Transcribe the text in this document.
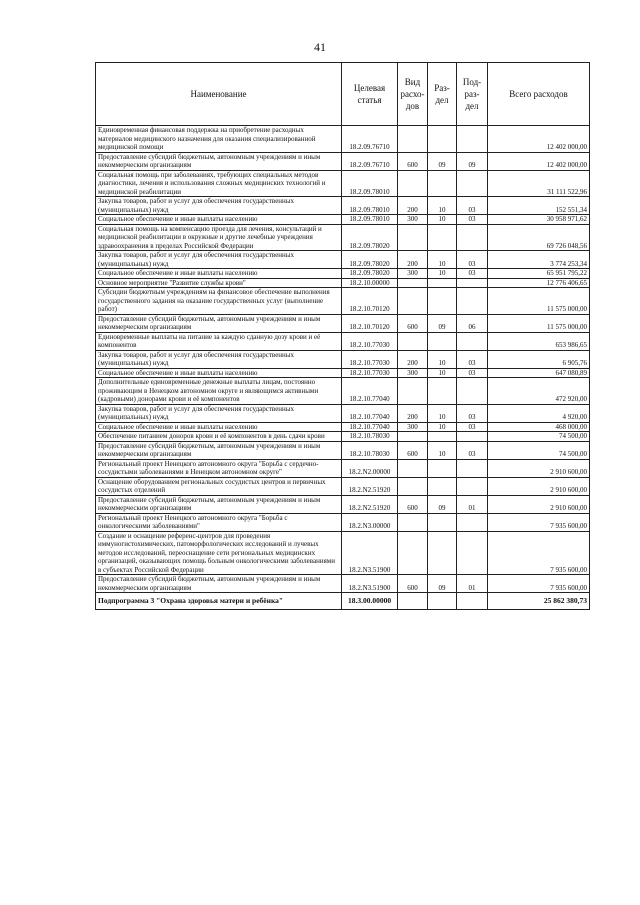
41
Наименование	Целевая статья	Вид расхо-дов	Раз-дел	Под-раз-дел	Всего расходов
Единовременная финансовая поддержка на приобретение расходных материалов медицинского назначения для оказания специализированной медицинской помощи	18.2.09.76710				12 402 000,00
Предоставление субсидий бюджетным, автономным учреждениям и иным некоммерческим организациям	18.2.09.76710	600	09	09	12 402 000,00
Социальная помощь при заболеваниях, требующих специальных методов диагностики, лечения и использования сложных медицинских технологий и медицинской реабилитации	18.2.09.78010				31 111 522,96
Закупка товаров, работ и услуг для обеспечения государственных (муниципальных) нужд	18.2.09.78010	200	10	03	152 551,34
Социальное обеспечение и иные выплаты населению	18.2.09.78010	300	10	03	30 958 971,62
Социальная помощь на компенсацию проезда для лечения, консультаций и медицинской реабилитации в окружные и другие лечебные учреждения здравоохранения в пределах Российской Федерации	18.2.09.78020				69 726 048,56
Закупка товаров, работ и услуг для обеспечения государственных (муниципальных) нужд	18.2.09.78020	200	10	03	3 774 253,34
Социальное обеспечение и иные выплаты населению	18.2.09.78020	300	10	03	65 951 795,22
Основное мероприятие "Развитие службы крови"	18.2.10.00000				12 776 406,65
Субсидии бюджетным учреждениям на финансовое обеспечение выполнения государственного задания на оказание государственных услуг (выполнение работ)	18.2.10.70120				11 575 000,00
Предоставление субсидий бюджетным, автономным учреждениям и иным некоммерческим организациям	18.2.10.70120	600	09	06	11 575 000,00
Единовременные выплаты на питание за каждую сданную дозу крови и её компонентов	18.2.10.77030				653 986,65
Закупка товаров, работ и услуг для обеспечения государственных (муниципальных) нужд	18.2.10.77030	200	10	03	6 905,76
Социальное обеспечение и иные выплаты населению	18.2.10.77030	300	10	03	647 080,89
Дополнительные единовременные денежные выплаты лицам, постоянно проживающим в Ненецком автономном округе и являющимся активными (кадровыми) донорами крови и её компонентов	18.2.10.77040				472 920,00
Закупка товаров, работ и услуг для обеспечения государственных (муниципальных) нужд	18.2.10.77040	200	10	03	4 920,00
Социальное обеспечение и иные выплаты населению	18.2.10.77040	300	10	03	468 000,00
Обеспечение питанием доноров крови и её компонентов в день сдачи крови	18.2.10.78030				74 500,00
Предоставление субсидий бюджетным, автономным учреждениям и иным некоммерческим организациям	18.2.10.78030	600	10	03	74 500,00
Региональный проект Ненецкого автономного округа "Борьба с сердечно-сосудистыми заболеваниями в Ненецком автономном округе"	18.2.N2.00000				2 910 600,00
Оснащение оборудованием региональных сосудистых центров и первичных сосудистых отделений	18.2.N2.51920				2 910 600,00
Предоставление субсидий бюджетным, автономным учреждениям и иным некоммерческим организациям	18.2.N2.51920	600	09	01	2 910 600,00
Региональный проект Ненецкого автономного округа "Борьба с онкологическими заболеваниями"	18.2.N3.00000				7 935 600,00
Создание и оснащение референс-центров для проведения иммуногистохимических, патоморфологических исследований и лучевых методов исследований, переоснащение сети региональных медицинских организаций, оказывающих помощь больным онкологическими заболеваниями в субъектах Российской Федерации	18.2.N3.51900				7 935 600,00
Предоставление субсидий бюджетным, автономным учреждениям и иным некоммерческим организациям	18.2.N3.51900	600	09	01	7 935 600,00
Подпрограмма 3 "Охрана здоровья матери и ребёнка"	18.3.00.00000				25 862 380,73
